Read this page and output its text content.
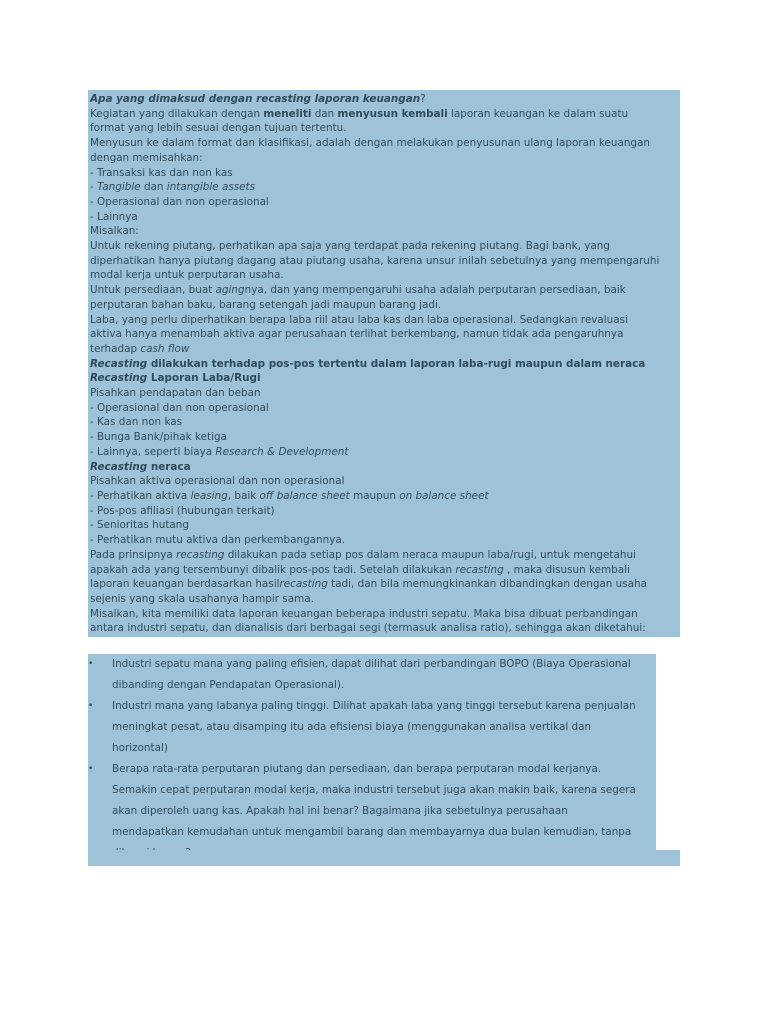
Apa yang dimaksud dengan recasting laporan keuangan?
Kegiatan yang dilakukan dengan meneliti dan menyusun kembali laporan keuangan ke dalam suatu
format yang lebih sesuai dengan tujuan tertentu.
Menyusun ke dalam format dan klasifikasi, adalah dengan melakukan penyusunan ulang laporan keuangan
dengan memisahkan:
- Transaksi kas dan non kas
- Tangible dan intangible assets
- Operasional dan non operasional
- Lainnya
Misalkan:
Untuk rekening piutang, perhatikan apa saja yang terdapat pada rekening piutang. Bagi bank, yang
diperhatikan hanya piutang dagang atau piutang usaha, karena unsur inilah sebetulnya yang mempengaruhi
modal kerja untuk perputaran usaha.
Untuk persediaan, buat agingnya, dan yang mempengaruhi usaha adalah perputaran persediaan, baik
perputaran bahan baku, barang setengah jadi maupun barang jadi.
Laba, yang perlu diperhatikan berapa laba riil atau laba kas dan laba operasional. Sedangkan revaluasi
aktiva hanya menambah aktiva agar perusahaan terlihat berkembang, namun tidak ada pengaruhnya
terhadap cash flow
Recasting dilakukan terhadap pos-pos tertentu dalam laporan laba-rugi maupun dalam neraca
Recasting Laporan Laba/Rugi
Pisahkan pendapatan dan beban
- Operasional dan non operasional
- Kas dan non kas
- Bunga Bank/pihak ketiga
- Lainnya, seperti biaya Research & Development
Recasting neraca
Pisahkan aktiva operasional dan non operasional
- Perhatikan aktiva leasing, baik off balance sheet maupun on balance sheet
- Pos-pos afiliasi (hubungan terkait)
- Senioritas hutang
- Perhatikan mutu aktiva dan perkembangannya.
Pada prinsipnya recasting dilakukan pada setiap pos dalam neraca maupun laba/rugi, untuk mengetahui
apakah ada yang tersembunyi dibalik pos-pos tadi. Setelah dilakukan recasting , maka disusun kembali
laporan keuangan berdasarkan hasilrecasting tadi, dan bila memungkinankan dibandingkan dengan usaha
sejenis yang skala usahanya hampir sama.
Misalkan, kita memiliki data laporan keuangan beberapa industri sepatu. Maka bisa dibuat perbandingan
antara industri sepatu, dan dianalisis dari berbagai segi (termasuk analisa ratio), sehingga akan diketahui:
• Industri sepatu mana yang paling efisien, dapat dilihat dari perbandingan BOPO (Biaya Operasional
dibanding dengan Pendapatan Operasional).
• Industri mana yang labanya paling tinggi. Dilihat apakah laba yang tinggi tersebut karena penjualan
meningkat pesat, atau disamping itu ada efisiensi biaya (menggunakan analisa vertikal dan
horizontal)
• Berapa rata-rata perputaran piutang dan persediaan, dan berapa perputaran modal kerjanya.
Semakin cepat perputaran modal kerja, maka industri tersebut juga akan makin baik, karena segera
akan diperoleh uang kas. Apakah hal ini benar? Bagaimana jika sebetulnya perusahaan
mendapatkan kemudahan untuk mengambil barang dan membayarnya dua bulan kemudian, tanpa
